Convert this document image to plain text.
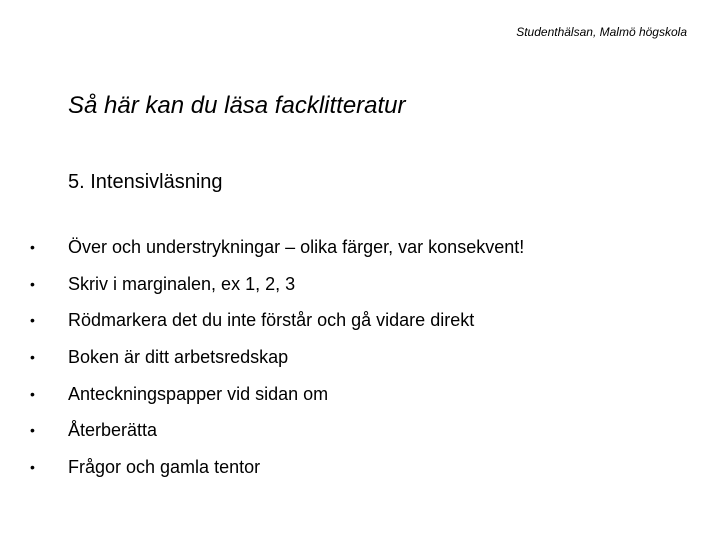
Studenthälsan, Malmö högskola
Så här kan du läsa facklitteratur
5. Intensivläsning
•	Över och understrykningar – olika färger, var konsekvent!
•	Skriv i marginalen, ex 1, 2, 3
•	Rödmarkera det du inte förstår och gå vidare direkt
•	Boken är ditt arbetsredskap
•	Anteckningspapper vid sidan om
•	Återberätta
•	Frågor och gamla tentor
